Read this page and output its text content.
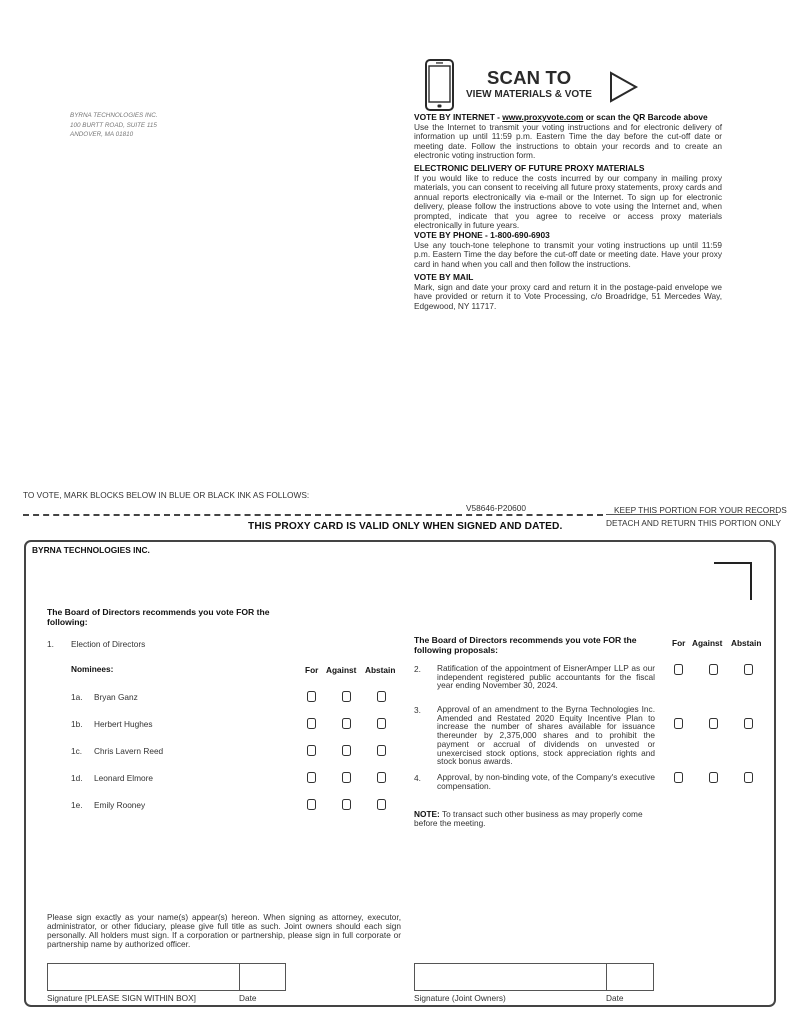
BYRNA TECHNOLOGIES INC.
100 BURTT ROAD, SUITE 115
ANDOVER, MA 01810
SCAN TO
VIEW MATERIALS & VOTE
VOTE BY INTERNET - www.proxyvote.com or scan the QR Barcode above
Use the Internet to transmit your voting instructions and for electronic delivery of information up until 11:59 p.m. Eastern Time the day before the cut-off date or meeting date. Follow the instructions to obtain your records and to create an electronic voting instruction form.
ELECTRONIC DELIVERY OF FUTURE PROXY MATERIALS
If you would like to reduce the costs incurred by our company in mailing proxy materials, you can consent to receiving all future proxy statements, proxy cards and annual reports electronically via e-mail or the Internet. To sign up for electronic delivery, please follow the instructions above to vote using the Internet and, when prompted, indicate that you agree to receive or access proxy materials electronically in future years.
VOTE BY PHONE - 1-800-690-6903
Use any touch-tone telephone to transmit your voting instructions up until 11:59 p.m. Eastern Time the day before the cut-off date or meeting date. Have your proxy card in hand when you call and then follow the instructions.
VOTE BY MAIL
Mark, sign and date your proxy card and return it in the postage-paid envelope we have provided or return it to Vote Processing, c/o Broadridge, 51 Mercedes Way, Edgewood, NY 11717.
TO VOTE, MARK BLOCKS BELOW IN BLUE OR BLACK INK AS FOLLOWS:
V58646-P20600	KEEP THIS PORTION FOR YOUR RECORDS
DETACH AND RETURN THIS PORTION ONLY
THIS PROXY CARD IS VALID ONLY WHEN SIGNED AND DATED.
BYRNA TECHNOLOGIES INC.
The Board of Directors recommends you vote FOR the following:
1. Election of Directors
Nominees:	For Against Abstain
1a. Bryan Ganz
1b. Herbert Hughes
1c. Chris Lavern Reed
1d. Leonard Elmore
1e. Emily Rooney
The Board of Directors recommends you vote FOR the following proposals:
For Against Abstain
2. Ratification of the appointment of EisnerAmper LLP as our independent registered public accountants for the fiscal year ending November 30, 2024.
3. Approval of an amendment to the Byrna Technologies Inc. Amended and Restated 2020 Equity Incentive Plan to increase the number of shares available for issuance thereunder by 2,375,000 shares and to prohibit the payment or accrual of dividends on unvested or unexercised stock options, stock appreciation rights and stock bonus awards.
4. Approval, by non-binding vote, of the Company's executive compensation.
NOTE: To transact such other business as may properly come before the meeting.
Please sign exactly as your name(s) appear(s) hereon. When signing as attorney, executor, administrator, or other fiduciary, please give full title as such. Joint owners should each sign personally. All holders must sign. If a corporation or partnership, please sign in full corporate or partnership name by authorized officer.
Signature [PLEASE SIGN WITHIN BOX]	Date	Signature (Joint Owners)	Date
